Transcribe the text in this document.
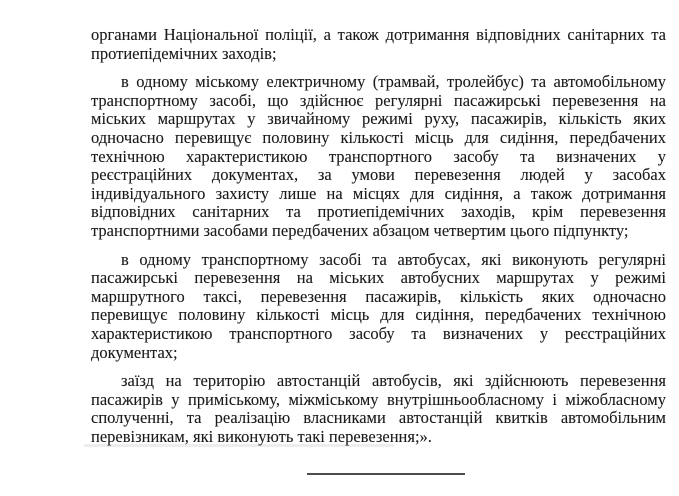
органами Національної поліції, а також дотримання відповідних санітарних та
протиепідемічних заходів;

в одному міському електричному (трамвай, тролейбус) та автомобільному
транспортному засобі, що здійснює регулярні пасажирські перевезення на
міських маршрутах у звичайному режимі руху, пасажирів, кількість яких
одночасно перевищує половину кількості місць для сидіння, передбачених
технічною характеристикою транспортного засобу та визначених у
реєстраційних документах, за умови перевезення людей у засобах
індивідуального захисту лише на місцях для сидіння, а також дотримання
відповідних санітарних та протиепідемічних заходів, крім перевезення
транспортними засобами передбачених абзацом четвертим цього підпункту;

в одному транспортному засобі та автобусах, які виконують регулярні
пасажирські перевезення на міських автобусних маршрутах у режимі
маршрутного таксі, перевезення пасажирів, кількість яких одночасно
перевищує половину кількості місць для сидіння, передбачених технічною
характеристикою транспортного засобу та визначених у реєстраційних
документах;

заїзд на територію автостанцій автобусів, які здійснюють перевезення
пасажирів у приміському, міжміському внутрішньообласному і міжобласному
сполученні, та реалізацію власниками автостанцій квитків автомобільним
перевізникам, які виконують такі перевезення;».
